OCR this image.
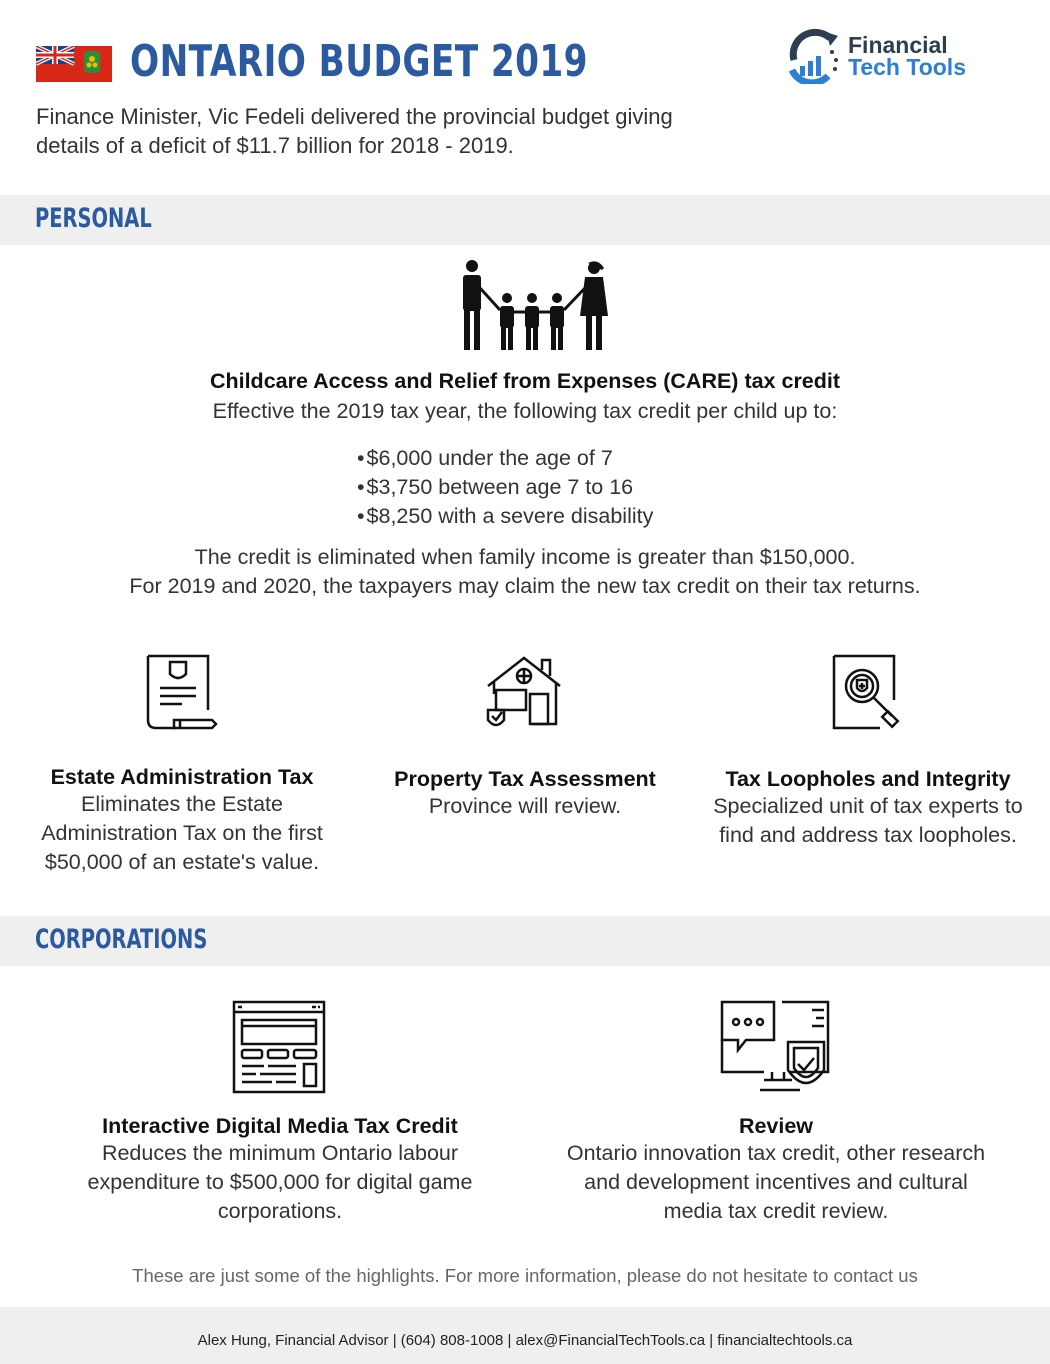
ONTARIO BUDGET 2019
Finance Minister, Vic Fedeli delivered the provincial budget giving details of a deficit of $11.7 billion for 2018 - 2019.
Financial
Tech Tools
PERSONAL
Childcare Access and Relief from Expenses (CARE) tax credit
Effective the 2019 tax year, the following tax credit per child up to:
• $6,000 under the age of 7
• $3,750 between age 7 to 16
• $8,250 with a severe disability
The credit is eliminated when family income is greater than $150,000.
For 2019 and 2020, the taxpayers may claim the new tax credit on their tax returns.
Estate Administration Tax
Eliminates the Estate Administration Tax on the first $50,000 of an estate's value.
Property Tax Assessment
Province will review.
Tax Loopholes and Integrity
Specialized unit of tax experts to find and address tax loopholes.
CORPORATIONS
Interactive Digital Media Tax Credit
Reduces the minimum Ontario labour expenditure to $500,000 for digital game corporations.
Review
Ontario innovation tax credit, other research and development incentives and cultural media tax credit review.
These are just some of the highlights. For more information, please do not hesitate to contact us
Alex Hung, Financial Advisor | (604) 808-1008 | alex@FinancialTechTools.ca | financialtechtools.ca
